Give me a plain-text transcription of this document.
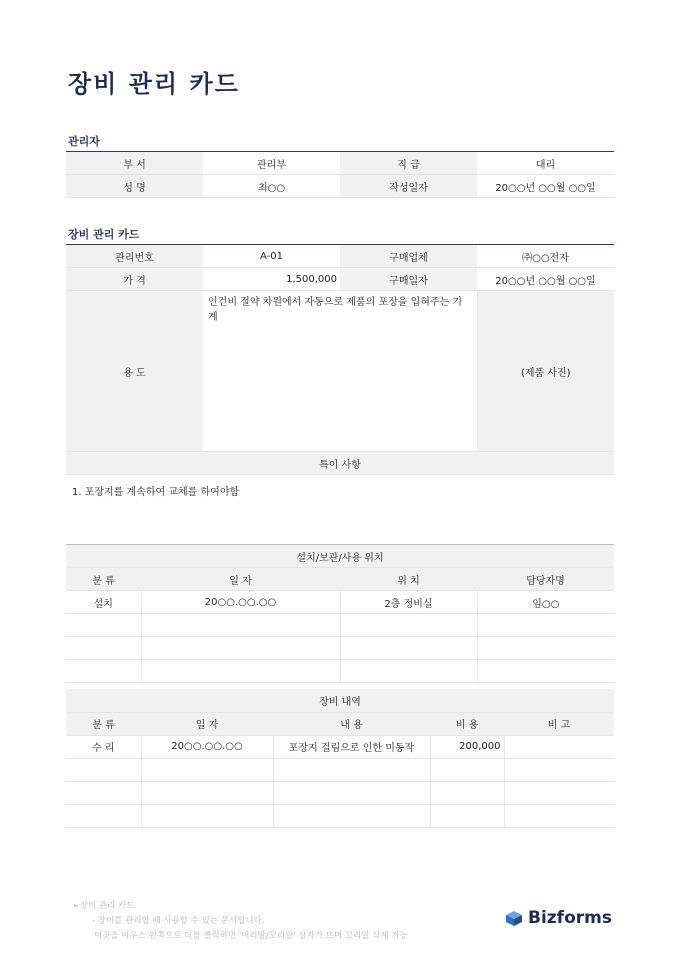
장비 관리 카드
관리자
부 서	관리부	직 급	대리
성 명	최○○	작성일자	20○○년 ○○월 ○○일
장비 관리 카드
관리번호	A-01	구매업체	㈜○○전자
가 격	1,500,000	구매일자	20○○년 ○○월 ○○일
용 도	인건비 절약 차원에서 자동으로 제품의 포장을 입혀주는 기계		(제품 사진)
특이 사항			
1. 포장지를 계속하여 교체를 하여야함
설치/보관/사용 위치			
분 류	일 자	위 치	담당자명
설치	20○○.○○.○○	2층 정비실	임○○

장비 내역				
분 류	일 자	내 용	비 용	비 고
수 리	20○○.○○.○○	포장지 걸림으로 인한 미동작	200,000	

▸ 장비 관리 카드
- 장비를 관리할 때 사용할 수 있는 문서입니다.
이곳을 마우스 왼쪽으로 더블 클릭하면 '머리말/꼬리말' 상자가 뜨며 꼬리말 삭제 가능
Bizforms
